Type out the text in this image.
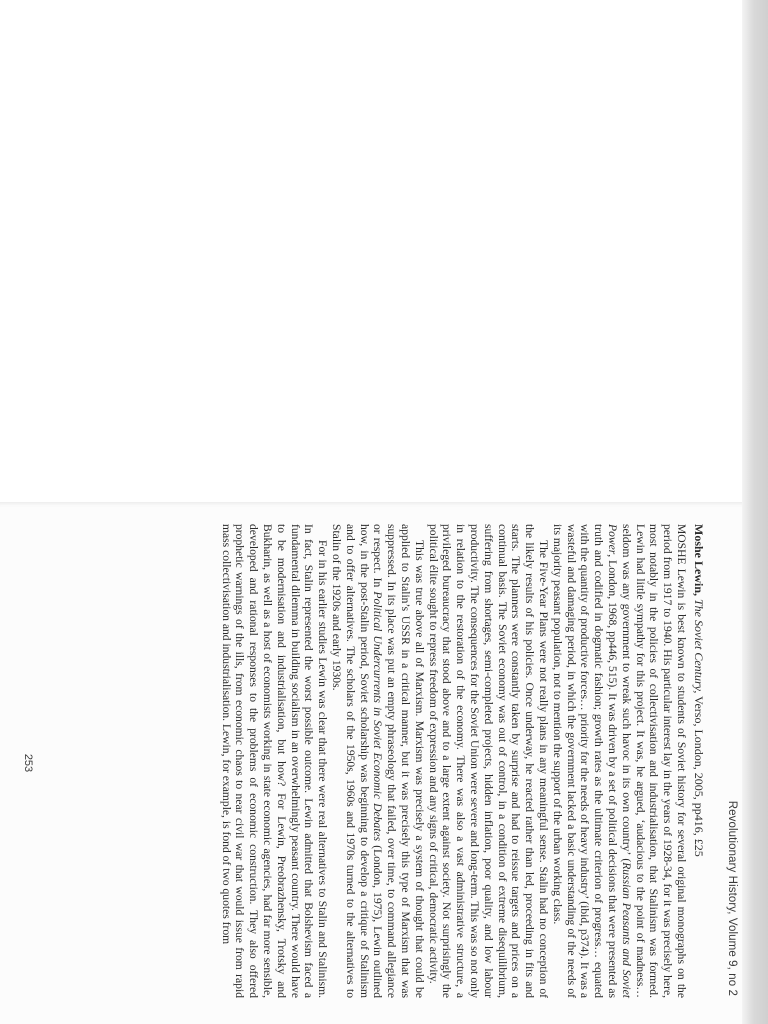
Revolutionary History, Volume 9, no 2
Moshe Lewin, The Soviet Century, Verso, London, 2005, pp416, £25

MOSHE Lewin is best known to students of Soviet history for several original monographs on the period from 1917 to 1940. His particular interest lay in the years of 1928-34, for it was precisely here, most notably in the policies of collectivisation and industrialisation, that Stalinism was formed. Lewin had little sympathy for this project. It was, he argued, ‘audacious to the point of madness… seldom was any government to wreak such havoc in its own country’ (Russian Peasants and Soviet Power, London, 1968, pp446, 515). It was driven by a set of political decisions that were presented as truth and codified in dogmatic fashion; growth rates as the ultimate criterion of progress… equated with the quantity of productive forces… priority for the needs of heavy industry’ (ibid, p374). It was a wasteful and damaging period, in which the government lacked a basic understanding of the needs of its majority peasant population, not to mention the support of the urban working class.

The Five-Year Plans were not really plans in any meaningful sense. Stalin had no conception of the likely results of his policies. Once underway, he reacted rather than led, proceeding in fits and starts. The planners were constantly taken by surprise and had to reissue targets and prices on a continual basis. The Soviet economy was out of control, in a condition of extreme disequilibrium, suffering from shortages, semi-completed projects, hidden inflation, poor quality, and low labour productivity. The consequences for the Soviet Union were severe and long-term. This was so not only in relation to the restoration of the economy. There was also a vast administrative structure, a privileged bureaucracy that stood above and to a large extent against society. Not surprisingly the political élite sought to repress freedom of expression and any signs of critical, democratic activity.

This was true above all of Marxism. Marxism was precisely a system of thought that could be applied to Stalin’s USSR in a critical manner, but it was precisely this type of Marxism that was suppressed. In its place was put an empty phraseology that failed, over time, to command allegiance or respect. In Political Undercurrents in Soviet Economic Debates (London, 1975), Lewin outlined how, in the post-Stalin period, Soviet scholarship was beginning to develop a critique of Stalinism and to offer alternatives. The scholars of the 1950s, 1960s and 1970s turned to the alternatives to Stalin of the 1920s and early 1930s.

For in his earlier studies Lewin was clear that there were real alternatives to Stalin and Stalinism. In fact, Stalin represented the worst possible outcome. Lewin admitted that Bolshevism faced a fundamental dilemma in building socialism in an overwhelmingly peasant country. There would have to be modernisation and industrialisation, but how? For Lewin, Preobrazhensky, Trotsky and Bukharin, as well as a host of economists working in state economic agencies, had far more sensible, developed and rational responses to the problems of economic construction. They also offered prophetic warnings of the ills, from economic chaos to near civil war that would issue from rapid mass collectivisation and industrialisation. Lewin, for example, is fond of two quotes from

253
